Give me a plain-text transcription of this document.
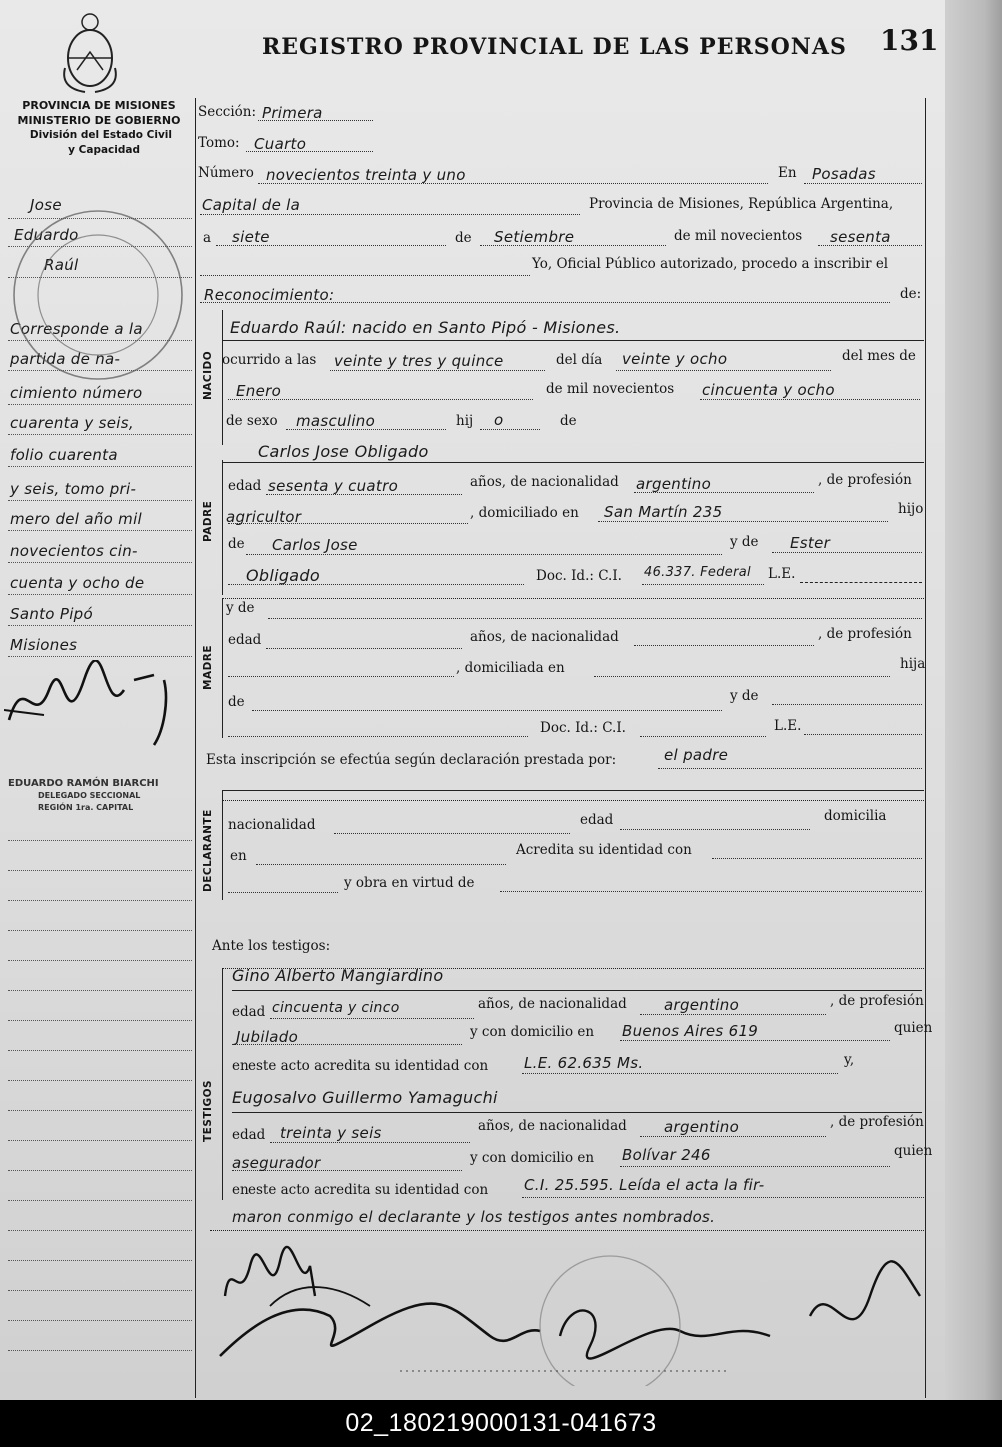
REGISTRO PROVINCIAL DE LAS PERSONAS 131
PROVINCIA DE MISIONES
MINISTERIO DE GOBIERNO
División del Estado Civil
y Capacidad
Jose
Eduardo
Raúl
Corresponde a la
partida de na-
cimiento número
cuarenta y seis,
folio cuarenta
y seis, tomo pri-
mero del año mil
novecientos cin-
cuenta y ocho de
Santo Pipó
Misiones
EDUARDO RAMÓN BIARCHI
DELEGADO SECCIONAL
REGIÓN 1ra. CAPITAL
Sección: Primera
Tomo: Cuarto
Número novecientos treinta y uno	En Posadas
Capital de la	Provincia de Misiones, República Argentina,
a siete	de Setiembre	de mil novecientos sesenta
Yo, Oficial Público autorizado, procedo a inscribir el
Reconocimiento:	de:
Eduardo Raúl: nacido en Santo Pipó - Misiones.
NACIDO ocurrido a las veinte y tres y quince	del día veinte y ocho	del mes de
Enero	de mil novecientos cincuenta y ocho
de sexo masculino	hij o	de
Carlos Jose Obligado
PADRE
edad sesenta y cuatro	años, de nacionalidad argentino	, de profesión
agricultor	, domiciliado en San Martín 235	hijo
de Carlos Jose	y de Ester
Obligado	Doc. Id.: C.I. 46.337. Federal L.E.
y de
MADRE
edad	años, de nacionalidad	, de profesión
, domiciliada en	hija
de	y de
Doc. Id.: C.I.	L.E.
Esta inscripción se efectúa según declaración prestada por:	el padre
DECLARANTE nacionalidad	edad	domicilia
en	Acredita su identidad con
y obra en virtud de
Ante los testigos:
TESTIGOS
Gino Alberto Mangiardino
edad cincuenta y cinco	años, de nacionalidad argentino	, de profesión
Jubilado	y con domicilio en Buenos Aires 619	quien
en este acto acredita su identidad con L.E. 62.635 Ms.	y,
Eugosalvo Guillermo Yamaguchi
edad treinta y seis	años, de nacionalidad argentino	, de profesión
asegurador	y con domicilio en Bolívar 246	quien
en este acto acredita su identidad con C.I. 25.595. Leída el acta la fir-
maron conmigo el declarante y los testigos antes nombrados.
02_180219000131-041673
